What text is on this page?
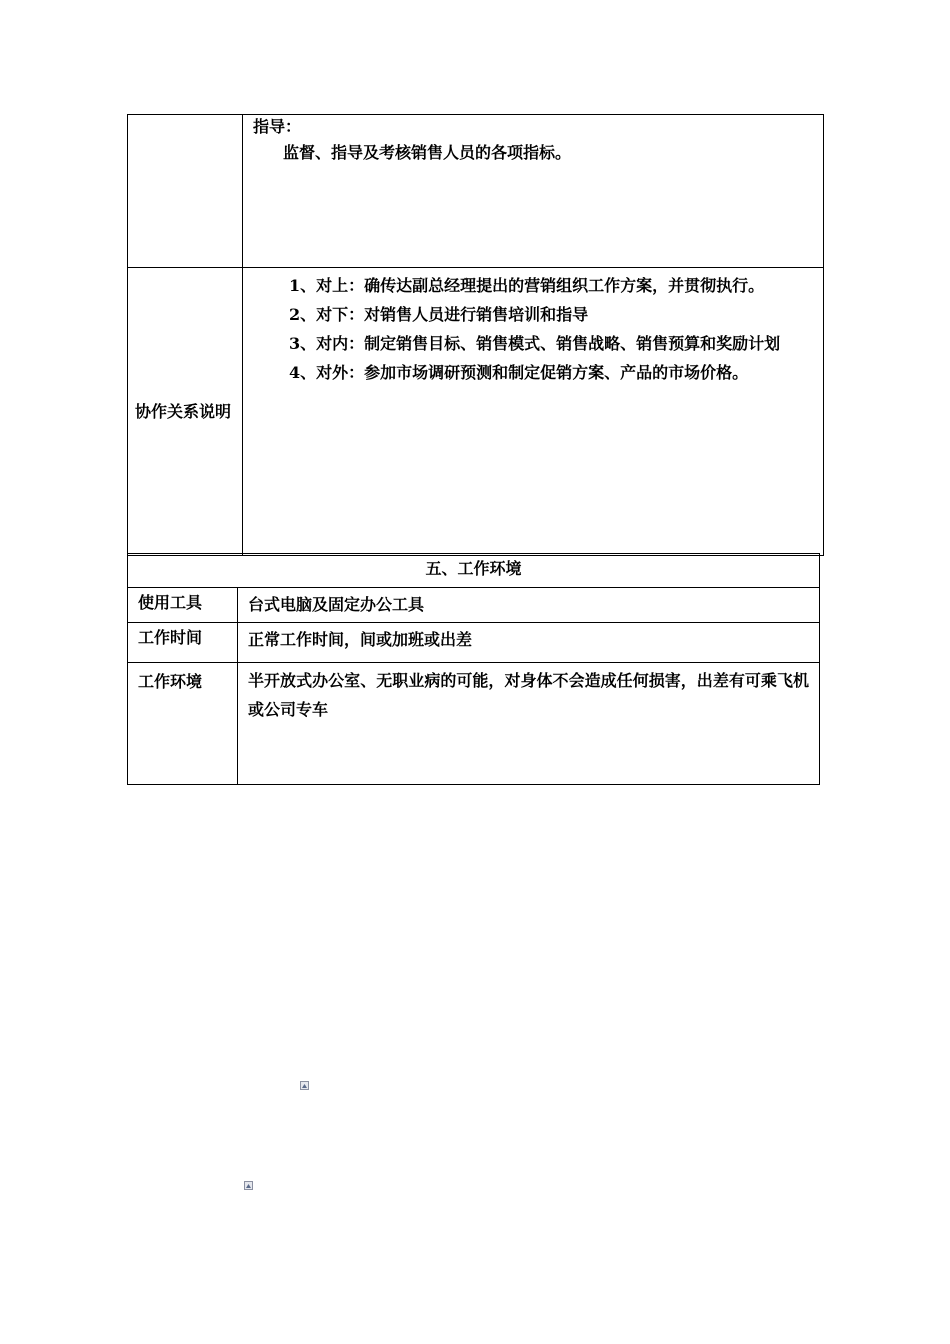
	指导：

监督、指导及考核销售人员的各项指标。

协作关系说明	1、对上：确传达副总经理提出的营销组织工作方案，并贯彻执行。

2、对下：对销售人员进行销售培训和指导

3、对内：制定销售目标、销售模式、销售战略、销售预算和奖励计划

4、对外：参加市场调研预测和制定促销方案、产品的市场价格。

五、工作环境	
使用工具	台式电脑及固定办公工具
工作时间	正常工作时间，间或加班或出差
工作环境	半开放式办公室、无职业病的可能，对身体不会造成任何损害，出差有可乘飞机或公司专车
